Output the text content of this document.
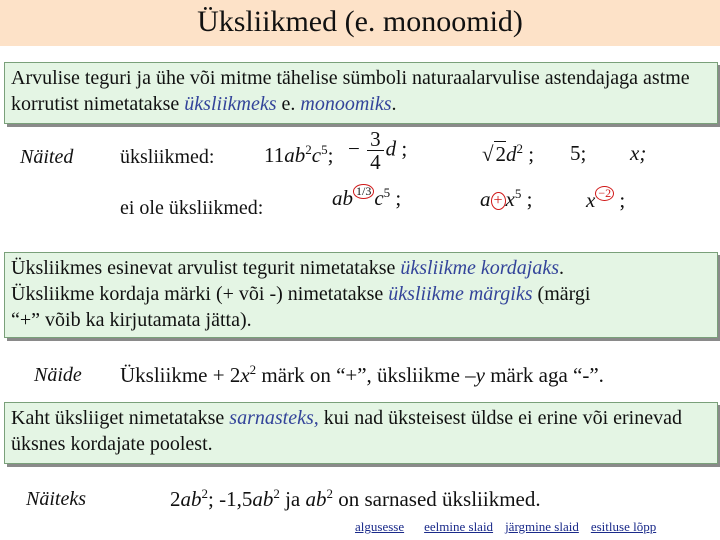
Üksliikmed (e. monoomid)
Arvulise teguri ja ühe või mitme tähelise sümboli naturaalarvulise astendajaga astme korrutist nimetatakse üksliikmeks e. monoomiks.
Näited üksliikmed: $11ab^2c^5$; − $\frac{3}{4}$ d ;	$√2d^2$ ; 5; x;
ei ole üksliikmed:	ab 1/3 $c^5$ ;	$a + x^5$ ;	x −2 ;
Üksliikmes esinevat arvulist tegurit nimetatakse üksliikme kordajaks.
Üksliikme kordaja märki (+ või -) nimetatakse üksliikme märgiks (märgi
“+” võib ka kirjutamata jätta).
Näide Üksliikme + $2x^2$ märk on “+”, üksliikme –y märk aga “-”.
Kaht üksliiget nimetatakse sarnasteks, kui nad üksteisest üldse ei erine või erinevad üksnes kordajate poolest.
Näiteks	$2ab^2$; $-1,5ab^2$ ja $ab^2$ on sarnased üksliikmed.
algusesse eelmine slaid järgmine slaid esitluse lõpp
